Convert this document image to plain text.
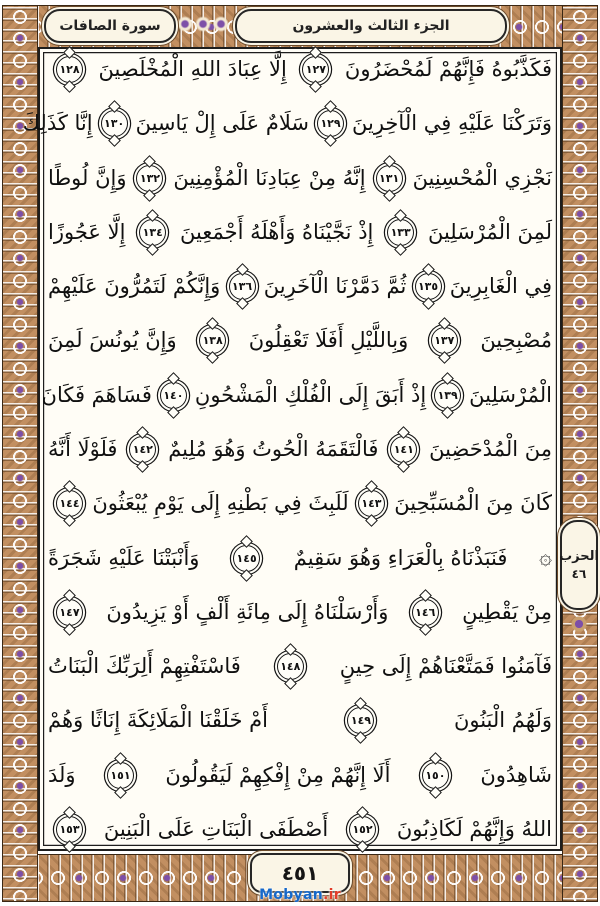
الجزء الثالث والعشرون
سورة الصافات
فَكَذَّبُوهُ فَإِنَّهُمْ لَمُحْضَرُونَ
١٢٧
إِلَّا عِبَادَ اللهِ الْمُخْلَصِينَ
١٢٨
وَتَرَكْنَا عَلَيْهِ فِي الْآخِرِينَ
١٢٩
سَلَامٌ عَلَى إِلْ يَاسِينَ
١٣٠
إِنَّا كَذَلِكَ
نَجْزِي الْمُحْسِنِينَ
١٣١
إِنَّهُ مِنْ عِبَادِنَا الْمُؤْمِنِينَ
١٣٢
وَإِنَّ لُوطًا
لَمِنَ الْمُرْسَلِينَ
١٣٣
إِذْ نَجَّيْنَاهُ وَأَهْلَهُ أَجْمَعِينَ
١٣٤
إِلَّا عَجُوزًا
فِي الْغَابِرِينَ
١٣٥
ثُمَّ دَمَّرْنَا الْآخَرِينَ
١٣٦
وَإِنَّكُمْ لَتَمُرُّونَ عَلَيْهِمْ
مُصْبِحِينَ
١٣٧
وَبِاللَّيْلِ أَفَلَا تَعْقِلُونَ
١٣٨
وَإِنَّ يُونُسَ لَمِنَ
الْمُرْسَلِينَ
١٣٩
إِذْ أَبَقَ إِلَى الْفُلْكِ الْمَشْحُونِ
١٤٠
فَسَاهَمَ فَكَانَ
مِنَ الْمُدْحَضِينَ
١٤١
فَالْتَقَمَهُ الْحُوتُ وَهُوَ مُلِيمٌ
١٤٢
فَلَوْلَا أَنَّهُ
كَانَ مِنَ الْمُسَبِّحِينَ
١٤٣
لَلَبِثَ فِي بَطْنِهِ إِلَى يَوْمِ يُبْعَثُونَ
١٤٤
۞
فَنَبَذْنَاهُ بِالْعَرَاءِ وَهُوَ سَقِيمٌ
١٤٥
وَأَنْبَتْنَا عَلَيْهِ شَجَرَةً
مِنْ يَقْطِينٍ
١٤٦
وَأَرْسَلْنَاهُ إِلَى مِائَةِ أَلْفٍ أَوْ يَزِيدُونَ
١٤٧
فَآمَنُوا فَمَتَّعْنَاهُمْ إِلَى حِينٍ
١٤٨
فَاسْتَفْتِهِمْ أَلِرَبِّكَ الْبَنَاتُ
وَلَهُمُ الْبَنُونَ
١٤٩
أَمْ خَلَقْنَا الْمَلَائِكَةَ إِنَاثًا وَهُمْ
شَاهِدُونَ
١٥٠
أَلَا إِنَّهُمْ مِنْ إِفْكِهِمْ لَيَقُولُونَ
١٥١
وَلَدَ
اللهُ وَإِنَّهُمْ لَكَاذِبُونَ
١٥٢
أَصْطَفَى الْبَنَاتِ عَلَى الْبَنِينَ
١٥٣
الحزب
٤٦
٤٥١
Mobyan.ir
